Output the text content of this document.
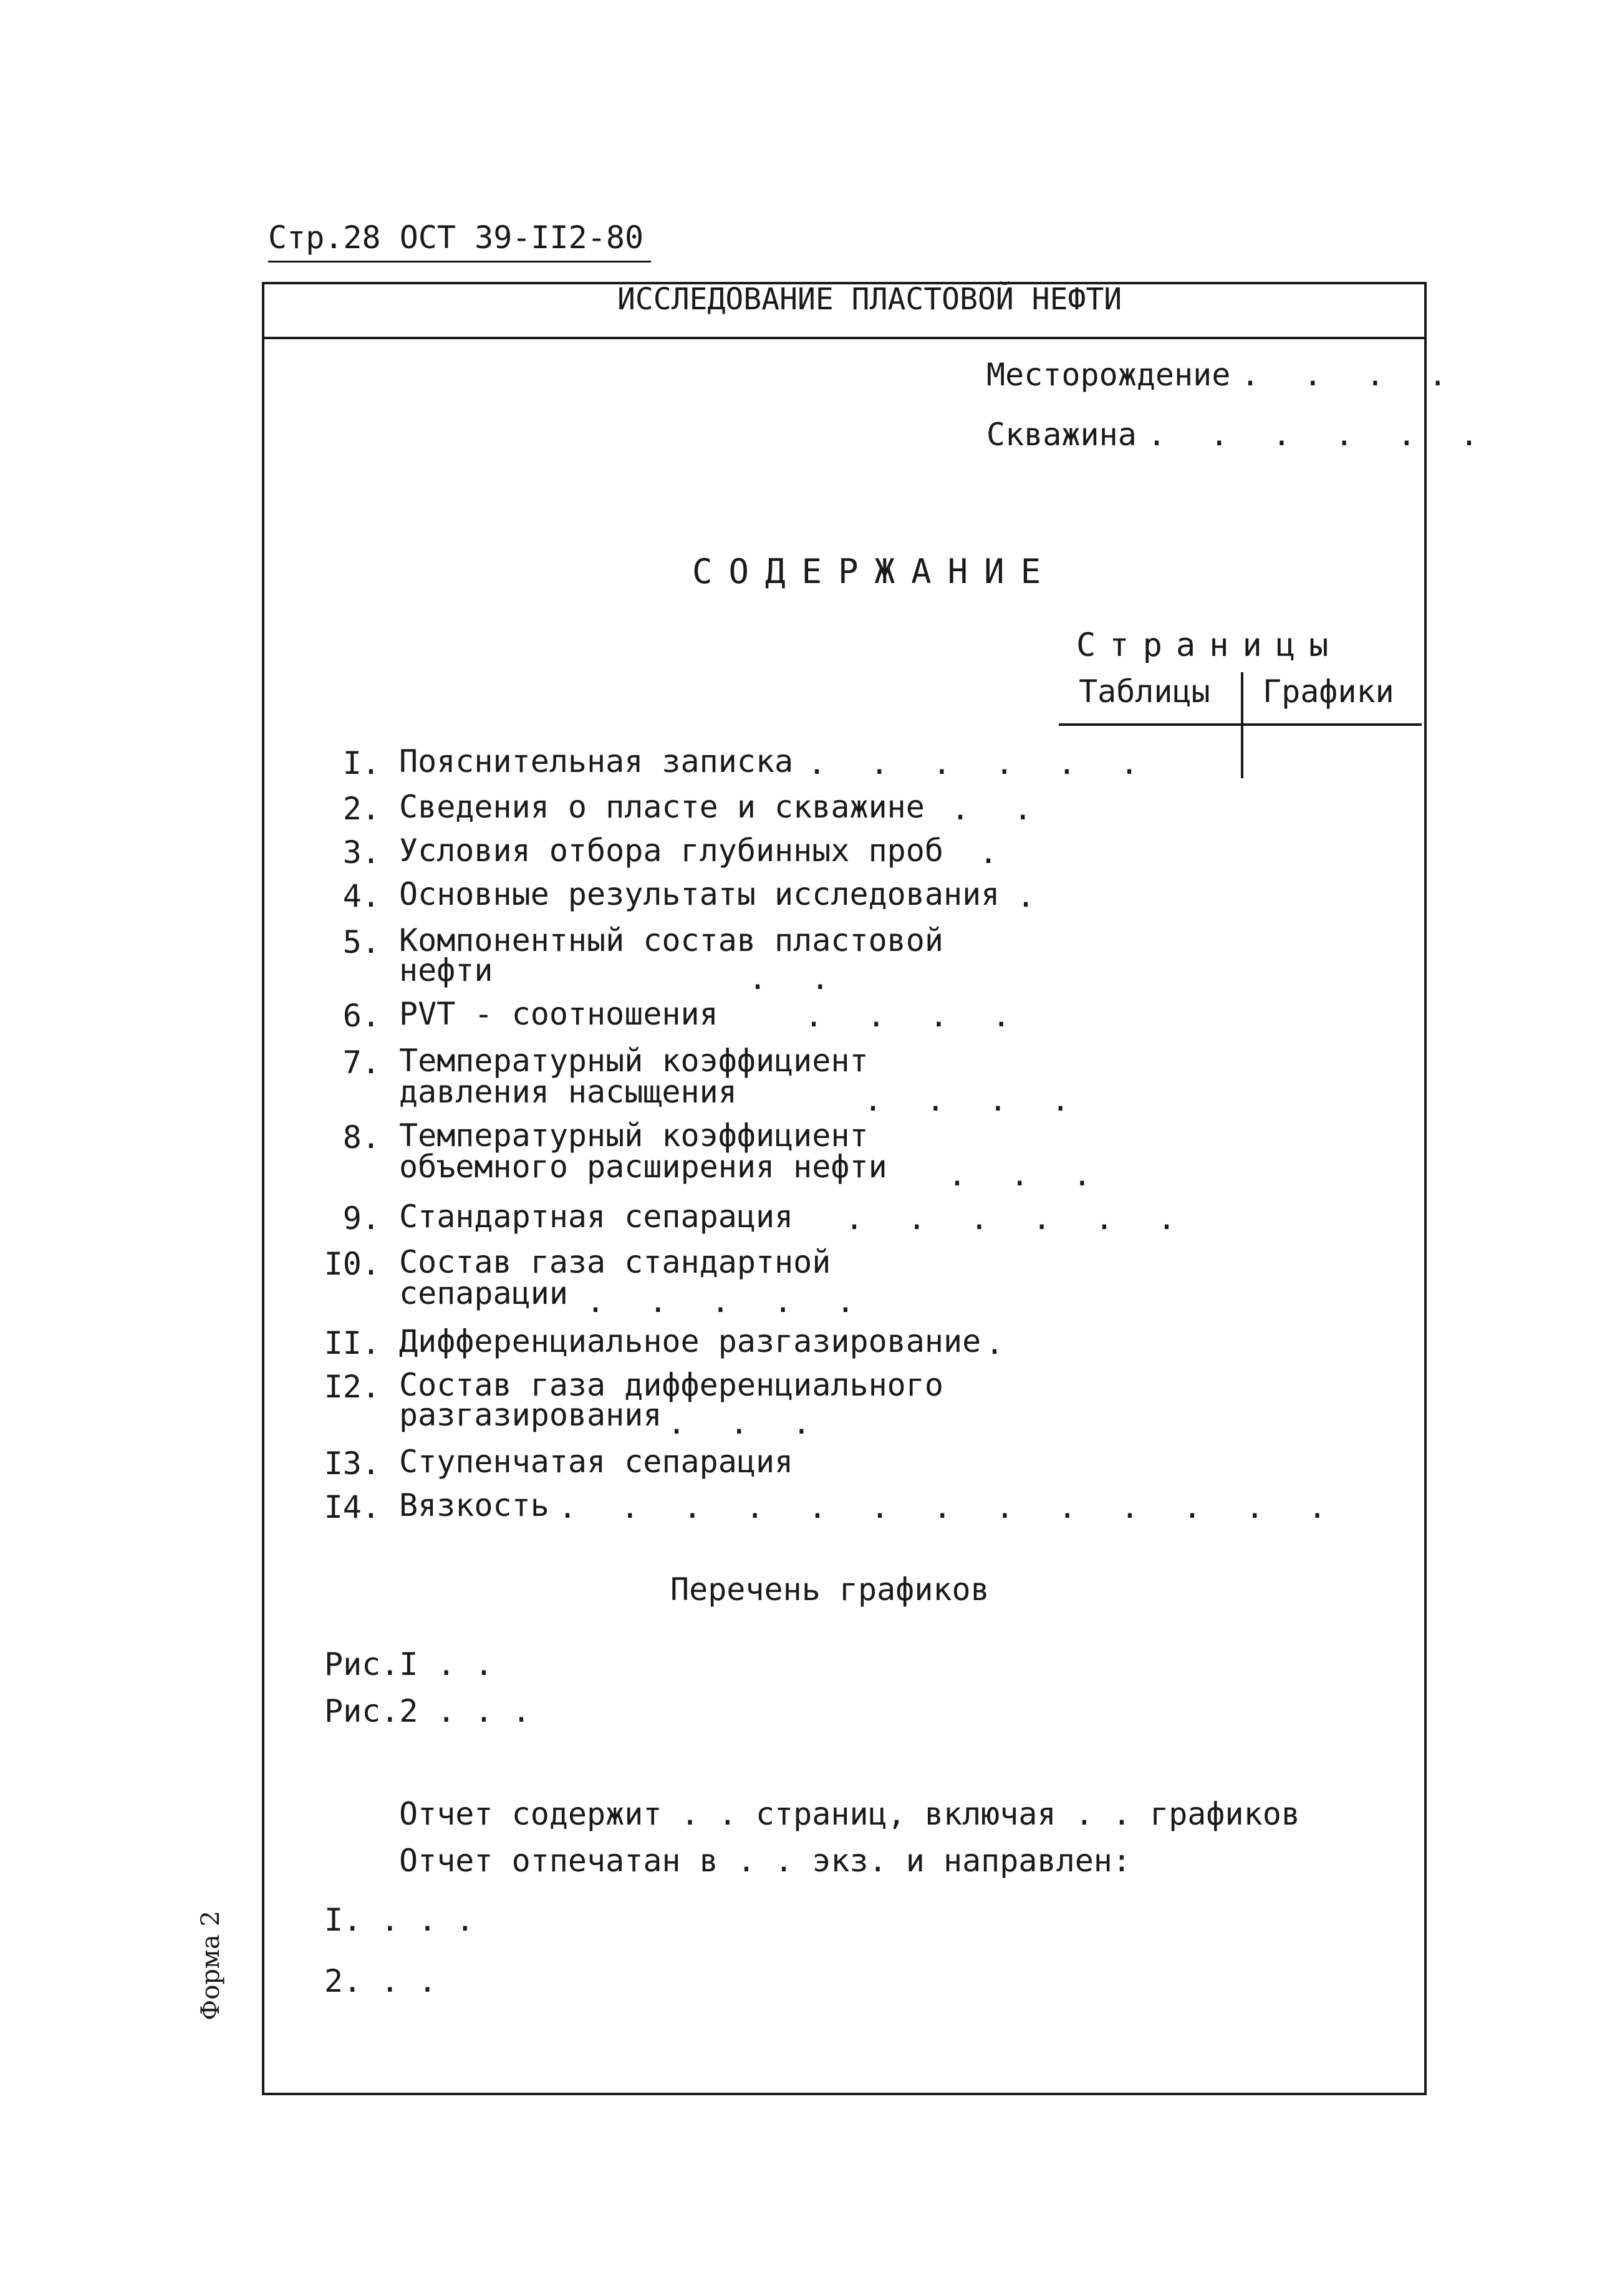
Стр.28 ОСТ 39-II2-80
ИССЛЕДОВАНИЕ ПЛАСТОВОЙ НЕФТИ
Месторождение . . . .
Скважина . . . . . .
СОДЕРЖАНИЕ
Страницы
Таблицы Графики
I. Пояснительная записка . . . . . .
2. Сведения о пласте и скважине . .
3. Условия отбора глубинных проб .
4. Основные результаты исследования .
5. Компонентный состав пластовой
нефти	. .
6. PVT - соотношения	. . . .
7. Температурный коэффициент
давления насыщения	. . . .
8. Температурный коэффициент
объемного расширения нефти . . .
9. Стандартная сепарация . . . . . .
I0. Состав газа стандартной
сепарации . . . . .
II. Дифференциальное разгазирование .
I2. Состав газа дифференциального
разгазирования . . .
I3. Ступенчатая сепарация
I4. Вязкость . . . . . . . . . . . . .
Перечень графиков
Рис.I . .
Рис.2 . . .
Отчет содержит . . страниц, включая . . графиков
Отчет отпечатан в . . экз. и направлен:
I. . . .
2. . .
Форма 2
